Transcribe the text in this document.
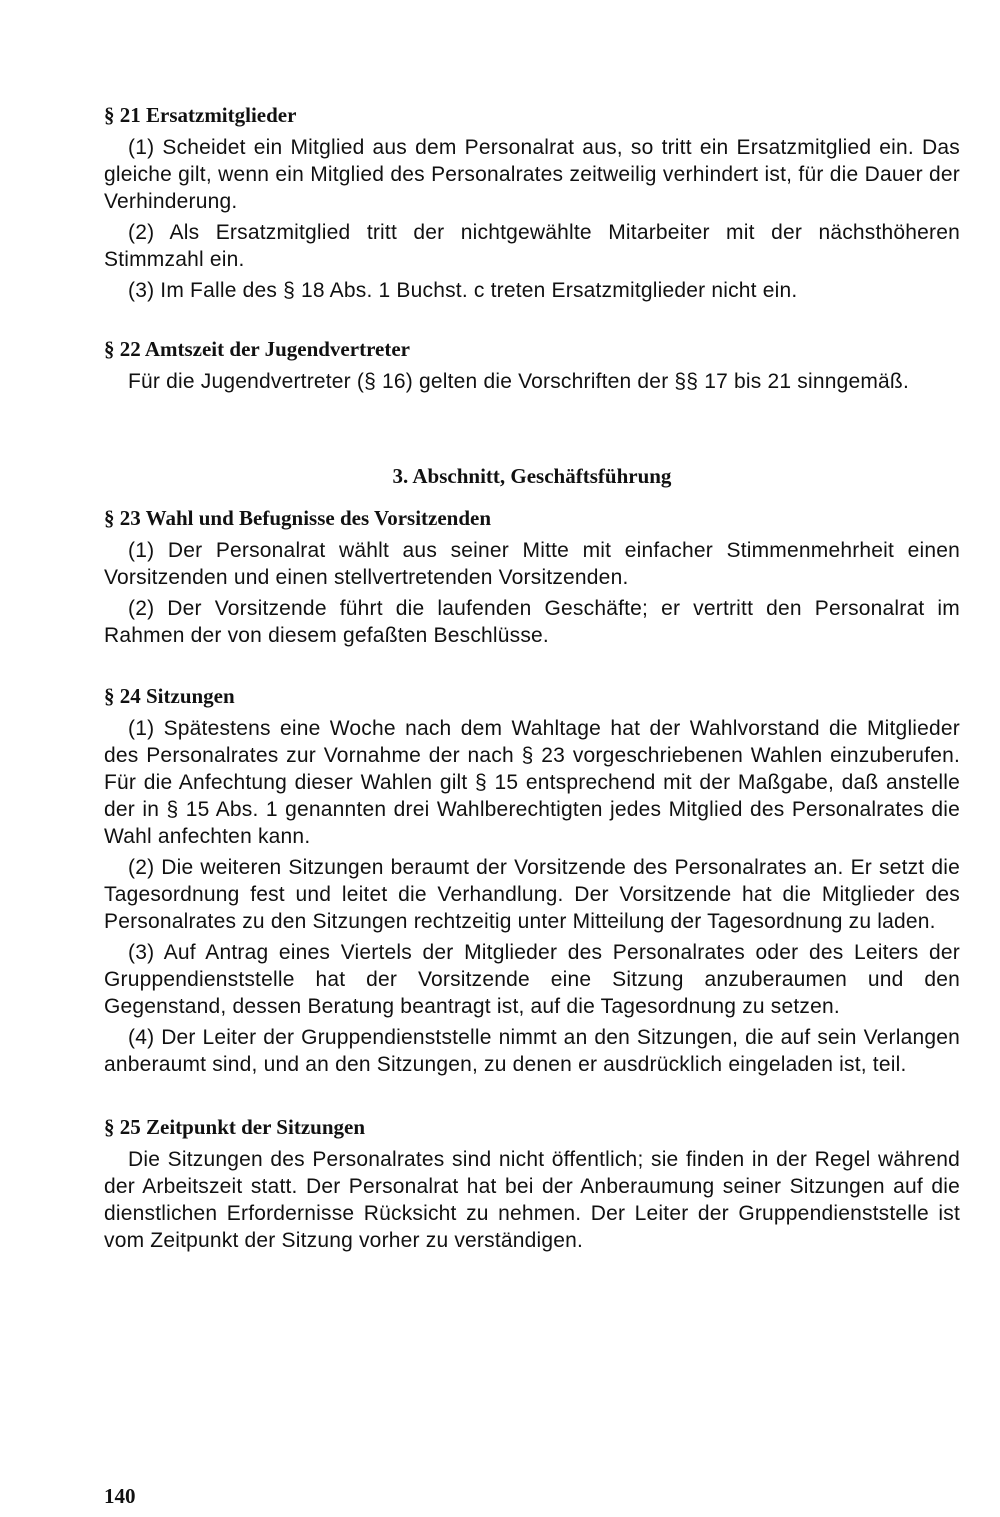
§ 21 Ersatzmitglieder

(1) Scheidet ein Mitglied aus dem Personalrat aus, so tritt ein Ersatzmitglied ein. Das gleiche gilt, wenn ein Mitglied des Personalrates zeitweilig verhindert ist, für die Dauer der Verhinderung.

(2) Als Ersatzmitglied tritt der nichtgewählte Mitarbeiter mit der nächsthöheren Stimmzahl ein.

(3) Im Falle des § 18 Abs. 1 Buchst. c treten Ersatzmitglieder nicht ein.

§ 22 Amtszeit der Jugendvertreter

Für die Jugendvertreter (§ 16) gelten die Vorschriften der §§ 17 bis 21 sinngemäß.

3. Abschnitt, Geschäftsführung
§ 23 Wahl und Befugnisse des Vorsitzenden

(1) Der Personalrat wählt aus seiner Mitte mit einfacher Stimmenmehrheit einen Vorsitzenden und einen stellvertretenden Vorsitzenden.

(2) Der Vorsitzende führt die laufenden Geschäfte; er vertritt den Personalrat im Rahmen der von diesem gefaßten Beschlüsse.

§ 24 Sitzungen

(1) Spätestens eine Woche nach dem Wahltage hat der Wahlvorstand die Mitglieder des Personalrates zur Vornahme der nach § 23 vorgeschriebenen Wahlen einzuberufen. Für die Anfechtung dieser Wahlen gilt § 15 entsprechend mit der Maßgabe, daß anstelle der in § 15 Abs. 1 genannten drei Wahlberechtigten jedes Mitglied des Personalrates die Wahl anfechten kann.

(2) Die weiteren Sitzungen beraumt der Vorsitzende des Personalrates an. Er setzt die Tagesordnung fest und leitet die Verhandlung. Der Vorsitzende hat die Mitglieder des Personalrates zu den Sitzungen rechtzeitig unter Mitteilung der Tagesordnung zu laden.

(3) Auf Antrag eines Viertels der Mitglieder des Personalrates oder des Leiters der Gruppendienststelle hat der Vorsitzende eine Sitzung anzuberaumen und den Gegenstand, dessen Beratung beantragt ist, auf die Tagesordnung zu setzen.

(4) Der Leiter der Gruppendienststelle nimmt an den Sitzungen, die auf sein Verlangen anberaumt sind, und an den Sitzungen, zu denen er ausdrücklich eingeladen ist, teil.

§ 25 Zeitpunkt der Sitzungen

Die Sitzungen des Personalrates sind nicht öffentlich; sie finden in der Regel während der Arbeitszeit statt. Der Personalrat hat bei der Anberaumung seiner Sitzungen auf die dienstlichen Erfordernisse Rücksicht zu nehmen. Der Leiter der Gruppendienststelle ist vom Zeitpunkt der Sitzung vorher zu verständigen.

140
